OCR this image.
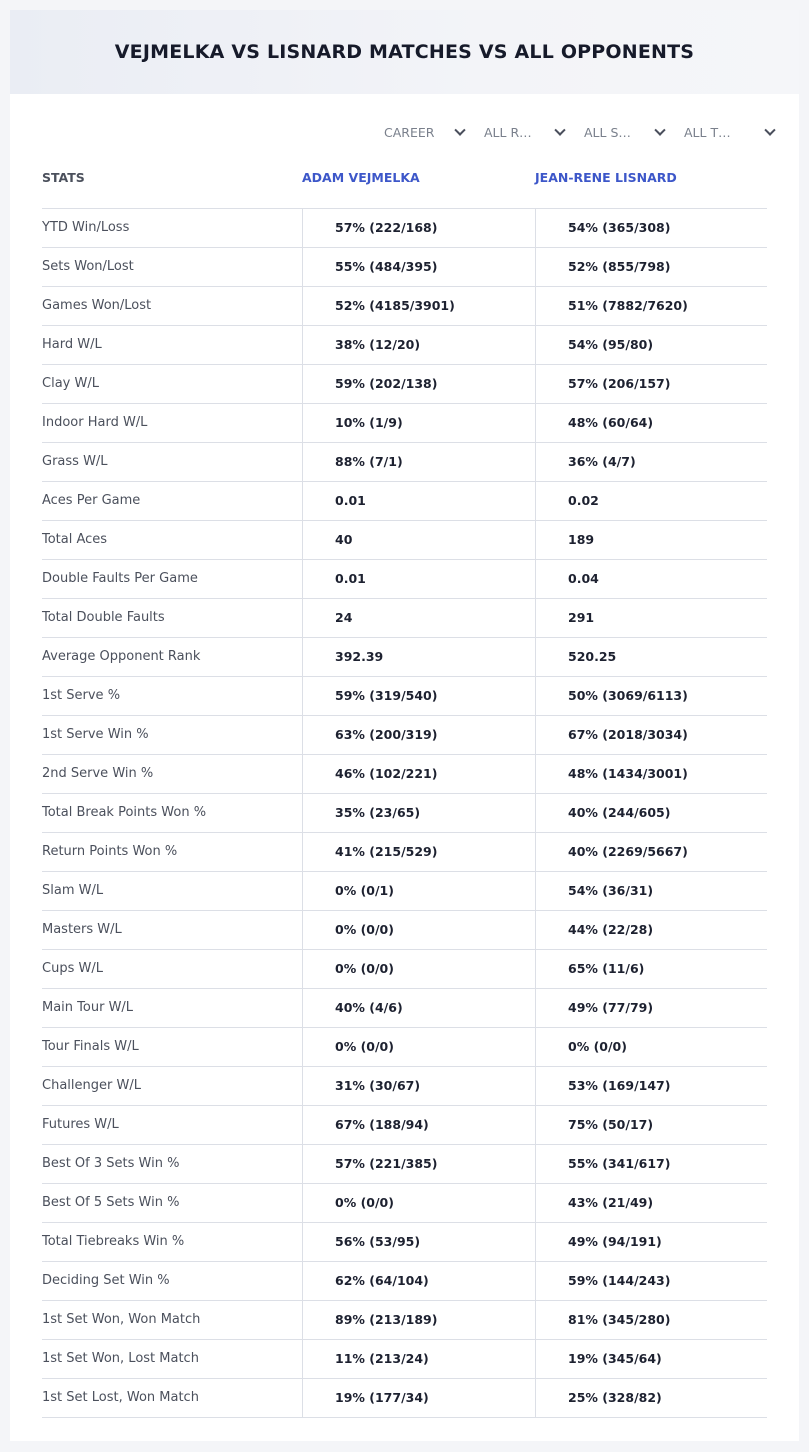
VEJMELKA VS LISNARD MATCHES VS ALL OPPONENTS
CAREER	ALL R…	ALL S…	ALL T…
STATS	ADAM VEJMELKA	JEAN-RENE LISNARD
YTD Win/Loss	57% (222/168)	54% (365/308)
Sets Won/Lost	55% (484/395)	52% (855/798)
Games Won/Lost	52% (4185/3901)	51% (7882/7620)
Hard W/L	38% (12/20)	54% (95/80)
Clay W/L	59% (202/138)	57% (206/157)
Indoor Hard W/L	10% (1/9)	48% (60/64)
Grass W/L	88% (7/1)	36% (4/7)
Aces Per Game	0.01	0.02
Total Aces	40	189
Double Faults Per Game	0.01	0.04
Total Double Faults	24	291
Average Opponent Rank	392.39	520.25
1st Serve %	59% (319/540)	50% (3069/6113)
1st Serve Win %	63% (200/319)	67% (2018/3034)
2nd Serve Win %	46% (102/221)	48% (1434/3001)
Total Break Points Won %	35% (23/65)	40% (244/605)
Return Points Won %	41% (215/529)	40% (2269/5667)
Slam W/L	0% (0/1)	54% (36/31)
Masters W/L	0% (0/0)	44% (22/28)
Cups W/L	0% (0/0)	65% (11/6)
Main Tour W/L	40% (4/6)	49% (77/79)
Tour Finals W/L	0% (0/0)	0% (0/0)
Challenger W/L	31% (30/67)	53% (169/147)
Futures W/L	67% (188/94)	75% (50/17)
Best Of 3 Sets Win %	57% (221/385)	55% (341/617)
Best Of 5 Sets Win %	0% (0/0)	43% (21/49)
Total Tiebreaks Win %	56% (53/95)	49% (94/191)
Deciding Set Win %	62% (64/104)	59% (144/243)
1st Set Won, Won Match	89% (213/189)	81% (345/280)
1st Set Won, Lost Match	11% (213/24)	19% (345/64)
1st Set Lost, Won Match	19% (177/34)	25% (328/82)
